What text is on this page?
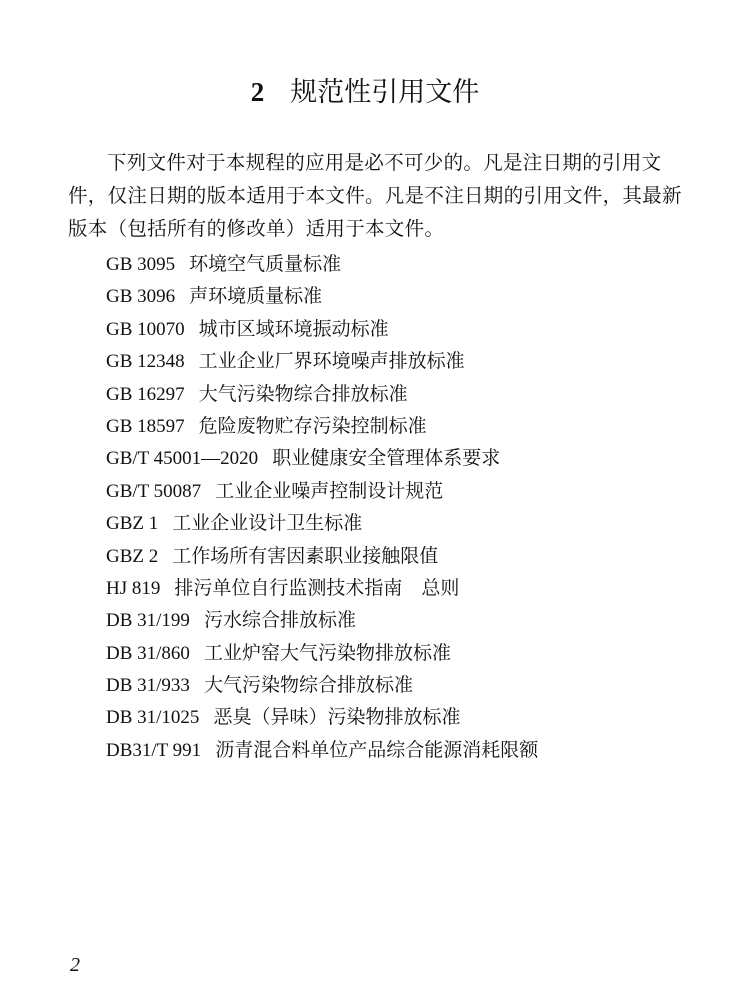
2 规范性引用文件

下列文件对于本规程的应用是必不可少的。凡是注日期的引用文件，仅注日期的版本适用于本文件。凡是不注日期的引用文件，其最新版本（包括所有的修改单）适用于本文件。

GB 3095 环境空气质量标准
GB 3096 声环境质量标准
GB 10070 城市区域环境振动标准
GB 12348 工业企业厂界环境噪声排放标准
GB 16297 大气污染物综合排放标准
GB 18597 危险废物贮存污染控制标准
GB/T 45001—2020 职业健康安全管理体系要求
GB/T 50087 工业企业噪声控制设计规范
GBZ 1 工业企业设计卫生标准
GBZ 2 工作场所有害因素职业接触限值
HJ 819 排污单位自行监测技术指南　总则
DB 31/199 污水综合排放标准
DB 31/860 工业炉窑大气污染物排放标准
DB 31/933 大气污染物综合排放标准
DB 31/1025 恶臭（异味）污染物排放标准
DB31/T 991 沥青混合料单位产品综合能源消耗限额
2
